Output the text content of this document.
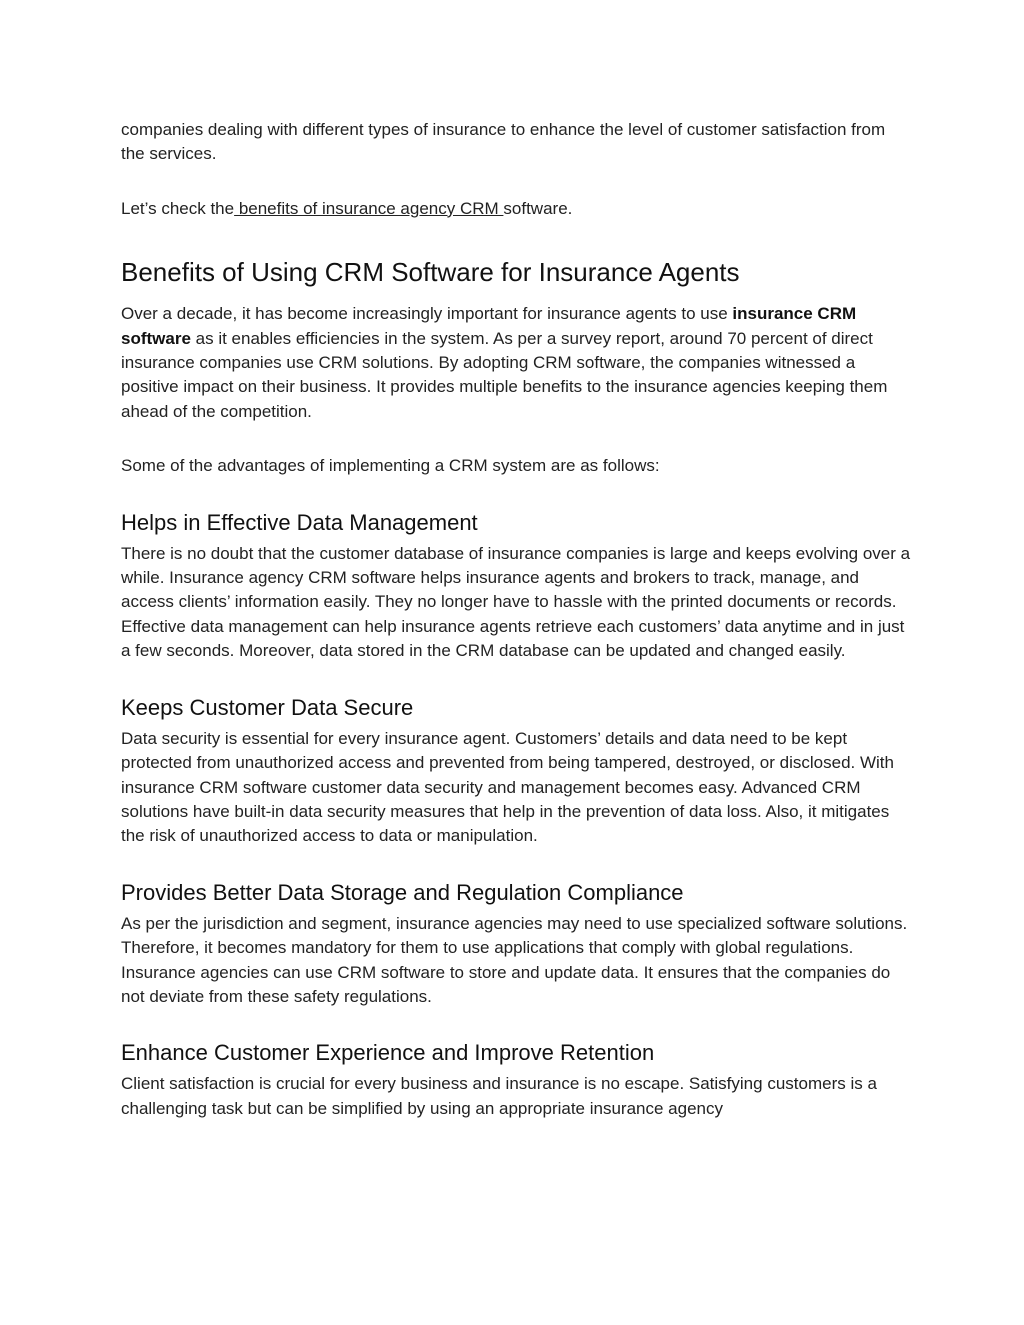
companies dealing with different types of insurance to enhance the level of customer satisfaction from the services.

Let’s check the benefits of insurance agency CRM software.

Benefits of Using CRM Software for Insurance Agents

Over a decade, it has become increasingly important for insurance agents to use insurance CRM software as it enables efficiencies in the system. As per a survey report, around 70 percent of direct insurance companies use CRM solutions. By adopting CRM software, the companies witnessed a positive impact on their business. It provides multiple benefits to the insurance agencies keeping them ahead of the competition.

Some of the advantages of implementing a CRM system are as follows:

Helps in Effective Data Management

There is no doubt that the customer database of insurance companies is large and keeps evolving over a while. Insurance agency CRM software helps insurance agents and brokers to track, manage, and access clients’ information easily. They no longer have to hassle with the printed documents or records. Effective data management can help insurance agents retrieve each customers’ data anytime and in just a few seconds. Moreover, data stored in the CRM database can be updated and changed easily.

Keeps Customer Data Secure

Data security is essential for every insurance agent. Customers’ details and data need to be kept protected from unauthorized access and prevented from being tampered, destroyed, or disclosed. With insurance CRM software customer data security and management becomes easy. Advanced CRM solutions have built-in data security measures that help in the prevention of data loss. Also, it mitigates the risk of unauthorized access to data or manipulation.

Provides Better Data Storage and Regulation Compliance

As per the jurisdiction and segment, insurance agencies may need to use specialized software solutions. Therefore, it becomes mandatory for them to use applications that comply with global regulations. Insurance agencies can use CRM software to store and update data. It ensures that the companies do not deviate from these safety regulations.

Enhance Customer Experience and Improve Retention

Client satisfaction is crucial for every business and insurance is no escape. Satisfying customers is a challenging task but can be simplified by using an appropriate insurance agency
